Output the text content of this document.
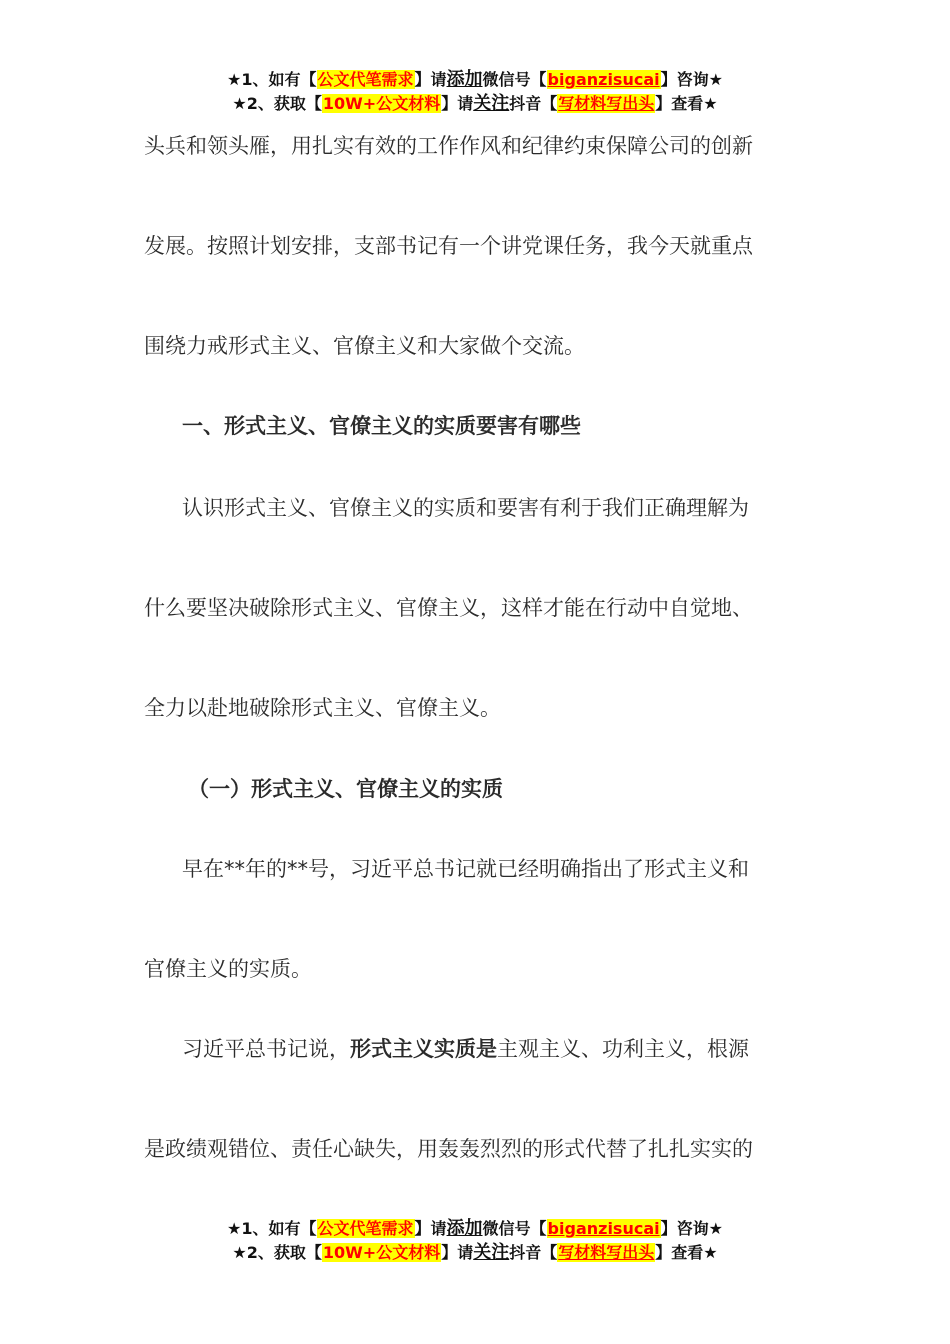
★1、如有【公文代笔需求】请添加微信号【biganzisucai】咨询★
★2、获取【10W+公文材料】请关注抖音【写材料写出头】查看★
头兵和领头雁，用扎实有效的工作作风和纪律约束保障公司的创新
发展。按照计划安排，支部书记有一个讲党课任务，我今天就重点
围绕力戒形式主义、官僚主义和大家做个交流。
一、形式主义、官僚主义的实质要害有哪些
认识形式主义、官僚主义的实质和要害有利于我们正确理解为
什么要坚决破除形式主义、官僚主义，这样才能在行动中自觉地、
全力以赴地破除形式主义、官僚主义。
（一）形式主义、官僚主义的实质
早在**年的**号，习近平总书记就已经明确指出了形式主义和
官僚主义的实质。
习近平总书记说，形式主义实质是主观主义、功利主义，根源
是政绩观错位、责任心缺失，用轰轰烈烈的形式代替了扎扎实实的
★1、如有【公文代笔需求】请添加微信号【biganzisucai】咨询★
★2、获取【10W+公文材料】请关注抖音【写材料写出头】查看★
